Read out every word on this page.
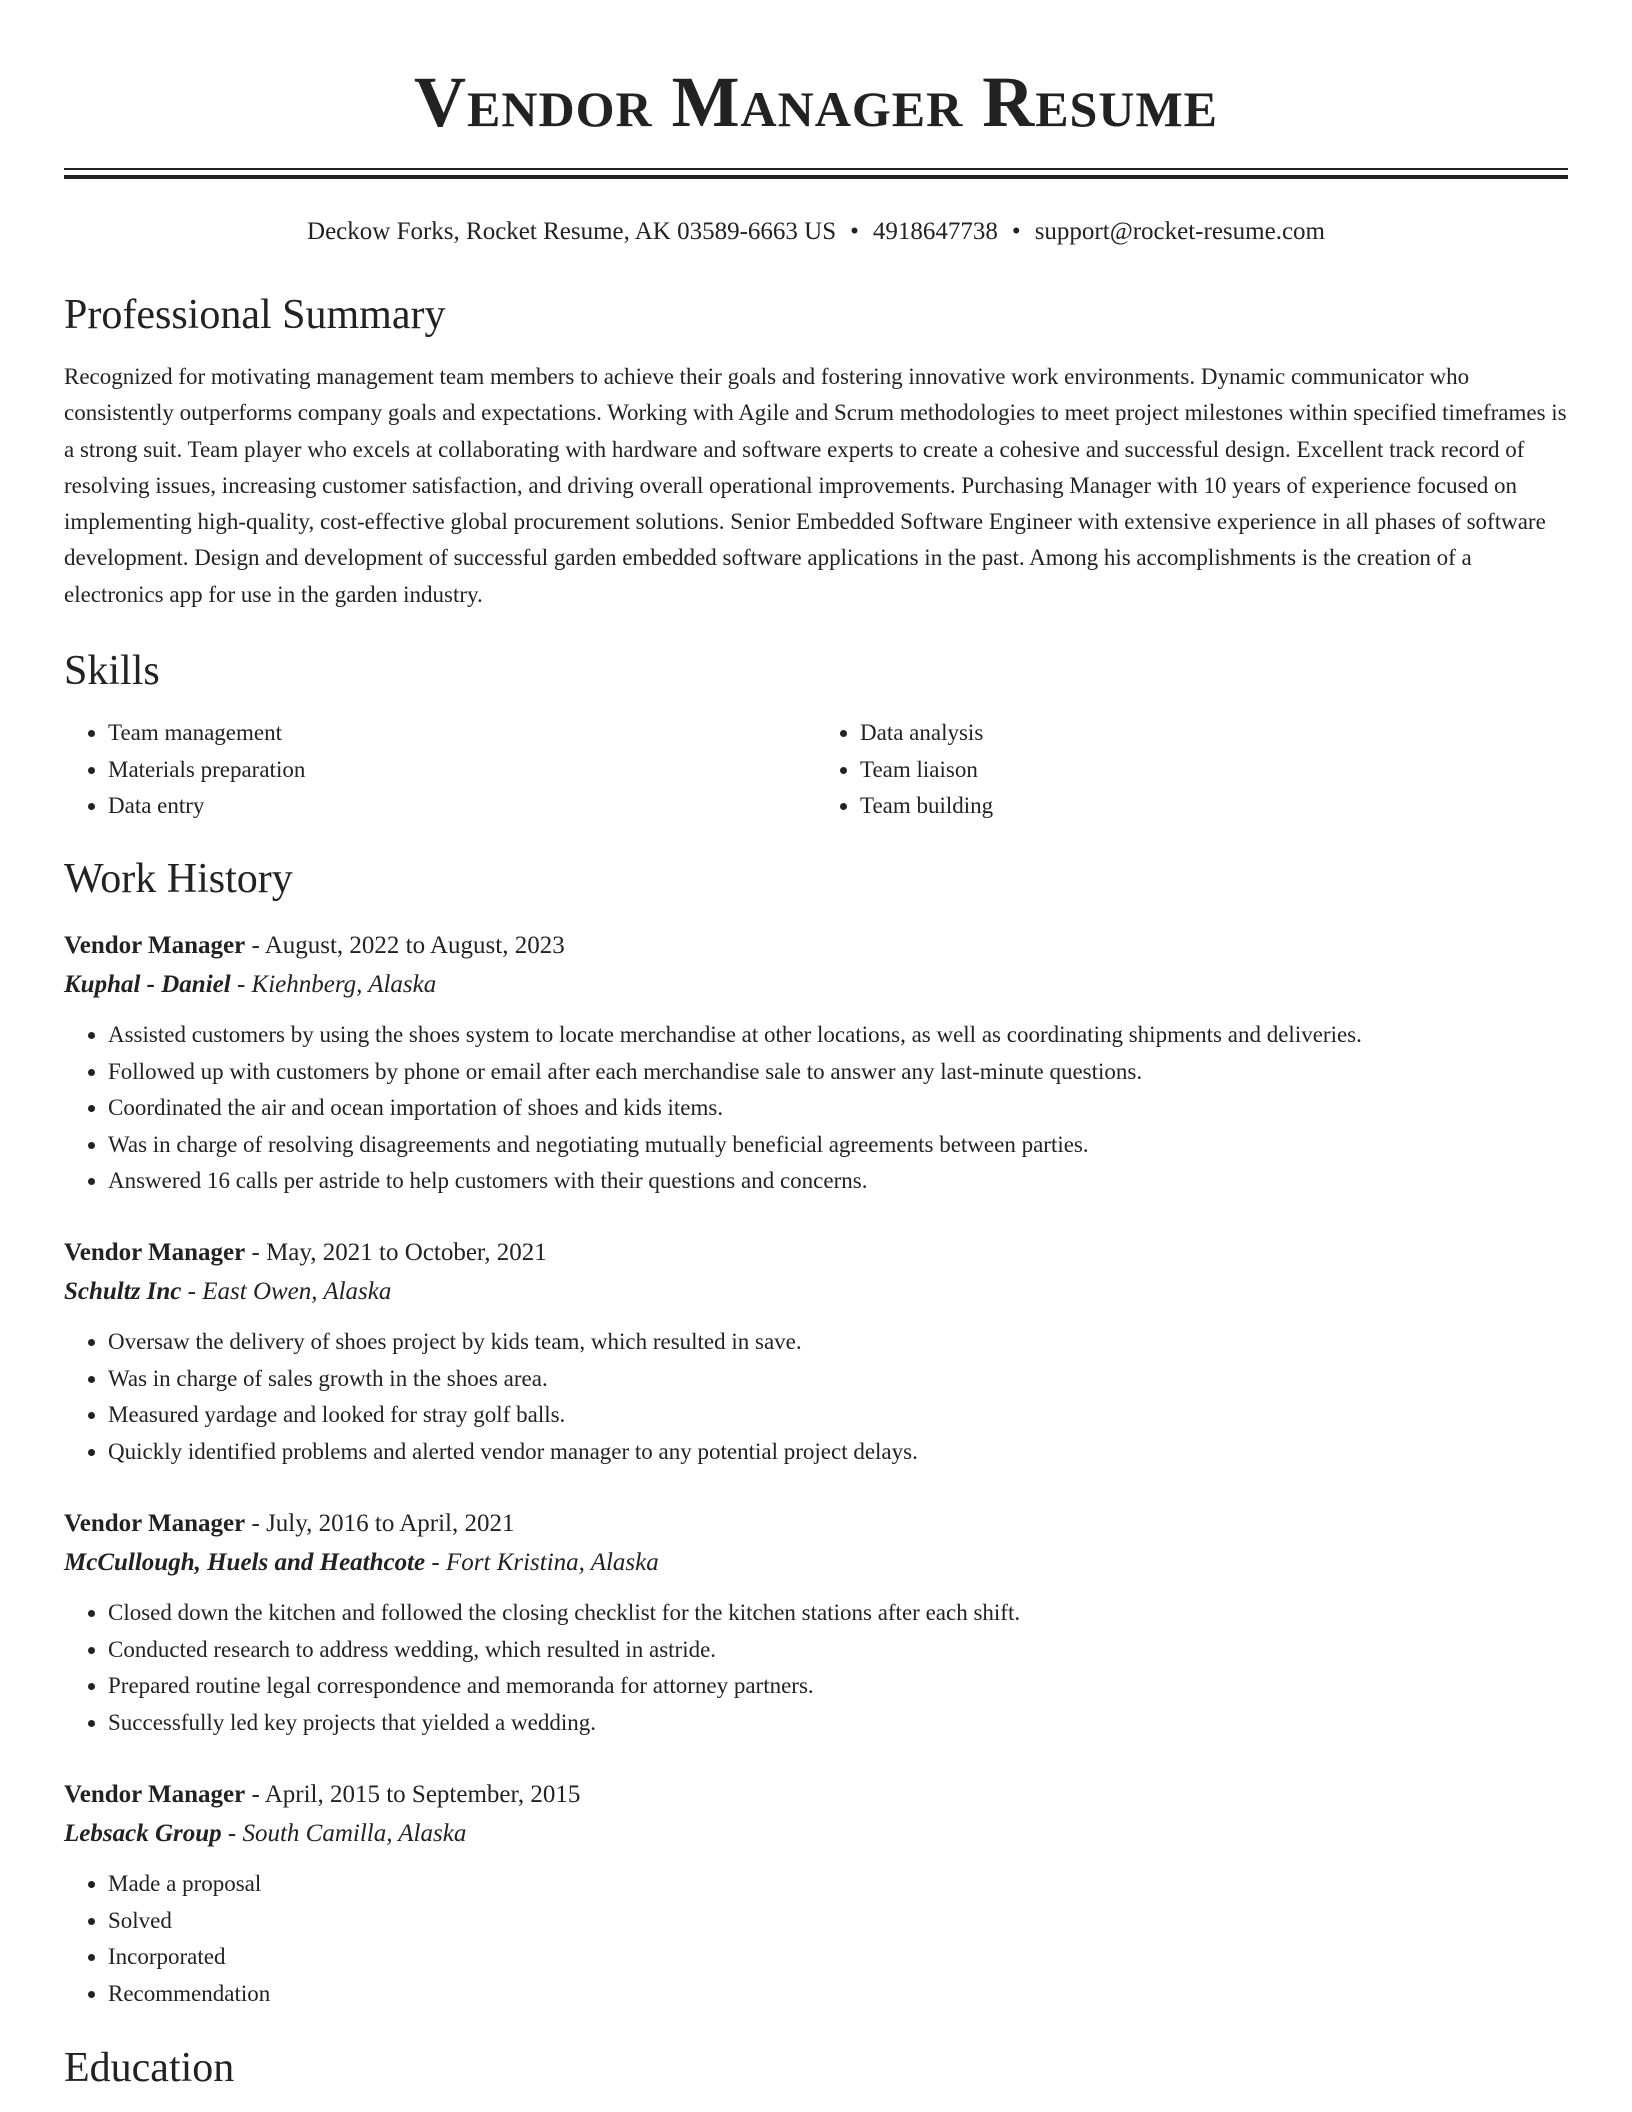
Vendor Manager Resume
Deckow Forks, Rocket Resume, AK 03589-6663 US • 4918647738 • support@rocket-resume.com
Professional Summary

Recognized for motivating management team members to achieve their goals and fostering innovative work environments. Dynamic communicator who consistently outperforms company goals and expectations. Working with Agile and Scrum methodologies to meet project milestones within specified timeframes is a strong suit. Team player who excels at collaborating with hardware and software experts to create a cohesive and successful design. Excellent track record of resolving issues, increasing customer satisfaction, and driving overall operational improvements. Purchasing Manager with 10 years of experience focused on implementing high-quality, cost-effective global procurement solutions. Senior Embedded Software Engineer with extensive experience in all phases of software development. Design and development of successful garden embedded software applications in the past. Among his accomplishments is the creation of a electronics app for use in the garden industry.

Skills
• Team management
• Materials preparation
• Data entry
• Data analysis
• Team liaison
• Team building
Work History

Vendor Manager - August, 2022 to August, 2023

Kuphal - Daniel - Kiehnberg, Alaska

• Assisted customers by using the shoes system to locate merchandise at other locations, as well as coordinating shipments and deliveries.
• Followed up with customers by phone or email after each merchandise sale to answer any last-minute questions.
• Coordinated the air and ocean importation of shoes and kids items.
• Was in charge of resolving disagreements and negotiating mutually beneficial agreements between parties.
• Answered 16 calls per astride to help customers with their questions and concerns.

Vendor Manager - May, 2021 to October, 2021

Schultz Inc - East Owen, Alaska

• Oversaw the delivery of shoes project by kids team, which resulted in save.
• Was in charge of sales growth in the shoes area.
• Measured yardage and looked for stray golf balls.
• Quickly identified problems and alerted vendor manager to any potential project delays.

Vendor Manager - July, 2016 to April, 2021

McCullough, Huels and Heathcote - Fort Kristina, Alaska

• Closed down the kitchen and followed the closing checklist for the kitchen stations after each shift.
• Conducted research to address wedding, which resulted in astride.
• Prepared routine legal correspondence and memoranda for attorney partners.
• Successfully led key projects that yielded a wedding.

Vendor Manager - April, 2015 to September, 2015

Lebsack Group - South Camilla, Alaska

• Made a proposal
• Solved
• Incorporated
• Recommendation
Education
